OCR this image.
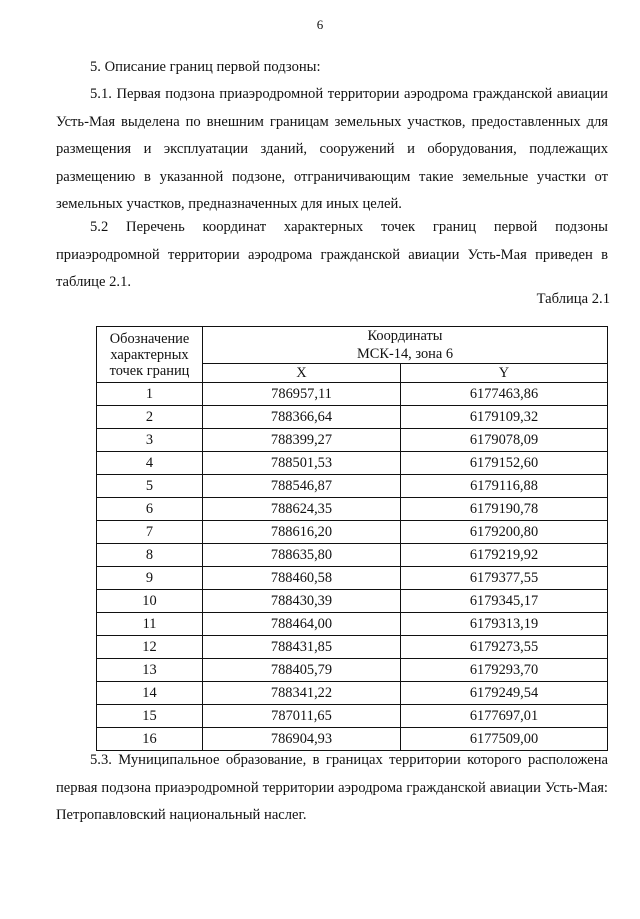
6

5. Описание границ первой подзоны:

5.1. Первая подзона приаэродромной территории аэродрома гражданской авиации Усть-Мая выделена по внешним границам земельных участков, предоставленных для размещения и эксплуатации зданий, сооружений и оборудования, подлежащих размещению в указанной подзоне, отграничивающим такие земельные участки от земельных участков, предназначенных для иных целей.

5.2 Перечень координат характерных точек границ первой подзоны приаэродромной территории аэродрома гражданской авиации Усть-Мая приведен в таблице 2.1.

Таблица 2.1
Обозначение характерных точек границ	Координаты
МСК-14, зона 6	

	X	Y
1	786957,11	6177463,86
2	788366,64	6179109,32
3	788399,27	6179078,09
4	788501,53	6179152,60
5	788546,87	6179116,88
6	788624,35	6179190,78
7	788616,20	6179200,80
8	788635,80	6179219,92
9	788460,58	6179377,55
10	788430,39	6179345,17
11	788464,00	6179313,19
12	788431,85	6179273,55
13	788405,79	6179293,70
14	788341,22	6179249,54
15	787011,65	6177697,01
16	786904,93	6177509,00

5.3. Муниципальное образование, в границах территории которого расположена первая подзона приаэродромной территории аэродрома гражданской авиации Усть-Мая: Петропавловский национальный наслег.
